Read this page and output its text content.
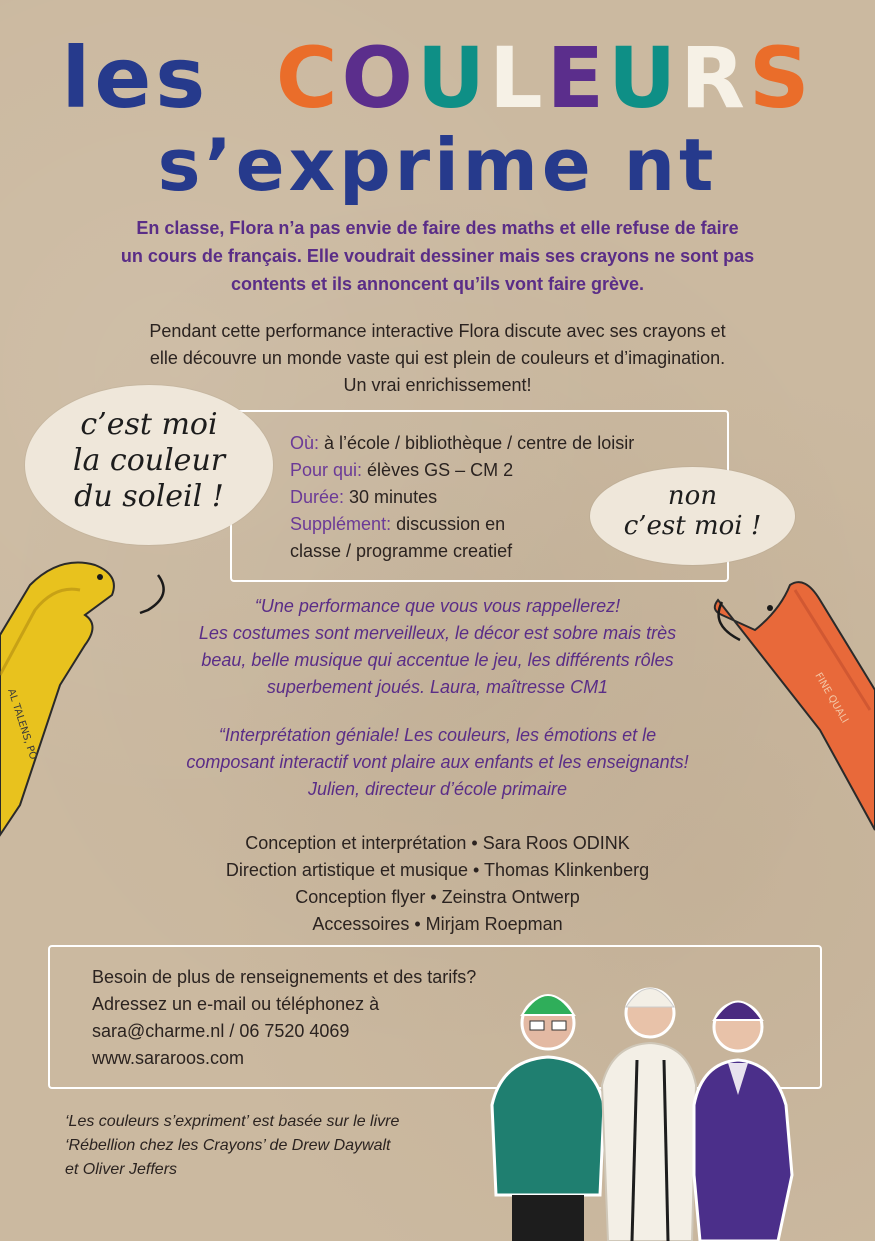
les COULEURS
s’exprime nt
En classe, Flora n’a pas envie de faire des maths et elle refuse de faire
un cours de français. Elle voudrait dessiner mais ses crayons ne sont pas
contents et ils annoncent qu’ils vont faire grève.
Pendant cette performance interactive Flora discute avec ses crayons et
elle découvre un monde vaste qui est plein de couleurs et d’imagination.
Un vrai enrichissement!
Où: à l’école / bibliothèque / centre de loisir
Pour qui: élèves GS – CM 2
Durée: 30 minutes
Supplément: discussion en
classe / programme creatief
c’est moi
la couleur
du soleil !	non
c’est moi !
AL TALENS, PO	FINE QUALI
“Une performance que vous vous rappellerez!
Les costumes sont merveilleux, le décor est sobre mais très
beau, belle musique qui accentue le jeu, les différents rôles
superbement joués. Laura, maîtresse CM1
“Interprétation géniale! Les couleurs, les émotions et le
composant interactif vont plaire aux enfants et les enseignants!
Julien, directeur d’école primaire
Conception et interprétation • Sara Roos ODINK
Direction artistique et musique • Thomas Klinkenberg
Conception flyer • Zeinstra Ontwerp
Accessoires • Mirjam Roepman
Besoin de plus de renseignements et des tarifs?
Adressez un e-mail ou téléphonez à
sara@charme.nl / 06 7520 4069
www.sararoos.com
‘Les couleurs s’expriment’ est basée sur le livre
‘Rébellion chez les Crayons’ de Drew Daywalt
et Oliver Jeffers
